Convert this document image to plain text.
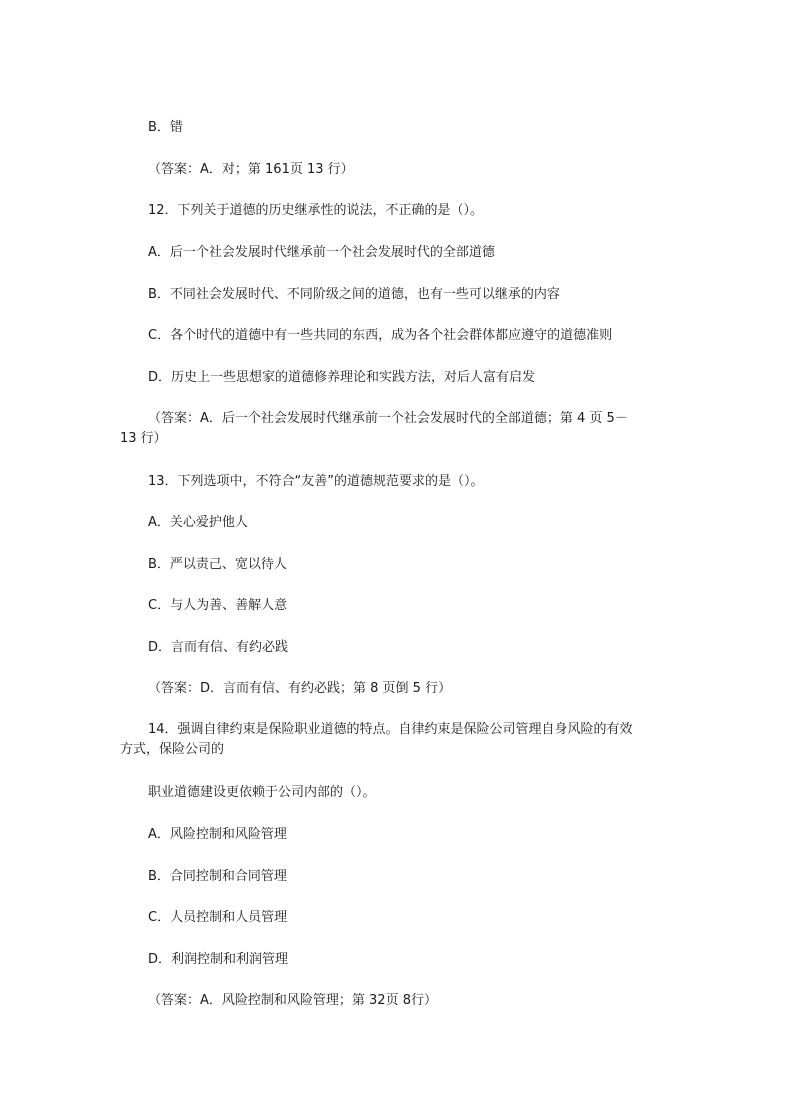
B．错
（答案：A．对；第 161页 13 行）
12．下列关于道德的历史继承性的说法，不正确的是（）。
A．后一个社会发展时代继承前一个社会发展时代的全部道德
B．不同社会发展时代、不同阶级之间的道德，也有一些可以继承的内容
C．各个时代的道德中有一些共同的东西，成为各个社会群体都应遵守的道德准则
D．历史上一些思想家的道德修养理论和实践方法，对后人富有启发
（答案：A．后一个社会发展时代继承前一个社会发展时代的全部道德；第 4 页 5－
13 行）
13．下列选项中，不符合“友善”的道德规范要求的是（）。
A．关心爱护他人
B．严以责己、宽以待人
C．与人为善、善解人意
D．言而有信、有约必践
（答案：D．言而有信、有约必践；第 8 页倒 5 行）
14．强调自律约束是保险职业道德的特点。自律约束是保险公司管理自身风险的有效
方式，保险公司的
职业道德建设更依赖于公司内部的（）。
A．风险控制和风险管理
B．合同控制和合同管理
C．人员控制和人员管理
D．利润控制和利润管理
（答案：A．风险控制和风险管理；第 32页 8行）
